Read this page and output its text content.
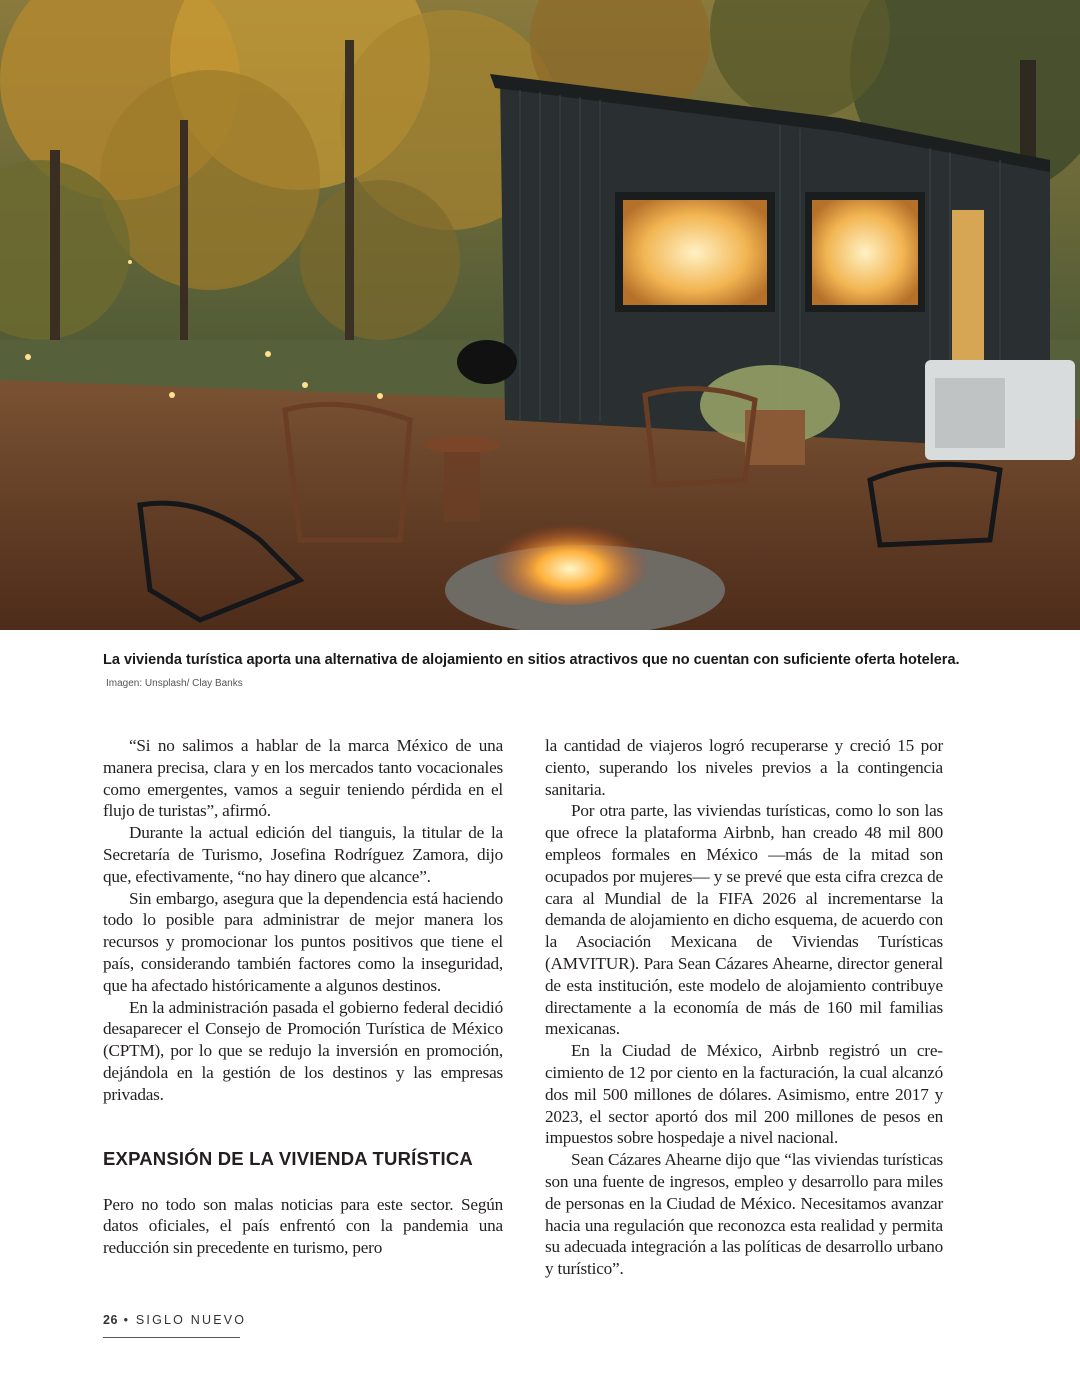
La vivienda turística aporta una alternativa de alojamiento en sitios atractivos que no cuentan con suficiente oferta hotelera. Imagen: Unsplash/ Clay Banks

“Si no salimos a hablar de la marca México de una manera precisa, clara y en los mercados tanto vocacionales como emergentes, vamos a seguir teniendo pérdida en el flujo de turistas”, afirmó.

Durante la actual edición del tianguis, la titular de la Secretaría de Turismo, Josefina Rodríguez Zamora, dijo que, efectivamente, “no hay dinero que alcance”.

Sin embargo, asegura que la dependencia está haciendo todo lo posible para administrar de mejor manera los recursos y promocionar los puntos positivos que tiene el país, considerando también factores como la inseguridad, que ha afectado históricamente a algunos destinos.

En la administración pasada el gobierno federal decidió desaparecer el Consejo de Promoción Turística de México (CPTM), por lo que se redujo la inversión en promoción, dejándola en la gestión de los destinos y las empresas privadas.

EXPANSIÓN DE LA VIVIENDA TURÍSTICA

Pero no todo son malas noticias para este sector. Según datos oficiales, el país enfrentó con la pandemia una reducción sin precedente en turismo, pero

la cantidad de viajeros logró recuperarse y creció 15 por ciento, superando los niveles previos a la contingencia sanitaria.

Por otra parte, las viviendas turísticas, como lo son las que ofrece la plataforma Airbnb, han creado 48 mil 800 empleos formales en México —más de la mitad son ocupados por mujeres— y se prevé que esta cifra crezca de cara al Mundial de la FIFA 2026 al incrementarse la demanda de alojamiento en dicho esquema, de acuerdo con la Asociación Mexicana de Viviendas Turísticas (AMVITUR). Para Sean Cázares Ahearne, director general de esta institución, este modelo de alojamiento contribuye directamente a la economía de más de 160 mil familias mexicanas.

En la Ciudad de México, Airbnb registró un crecimiento de 12 por ciento en la facturación, la cual alcanzó dos mil 500 millones de dólares. Asimismo, entre 2017 y 2023, el sector aportó dos mil 200 millones de pesos en impuestos sobre hospedaje a nivel nacional.

Sean Cázares Ahearne dijo que “las viviendas turísticas son una fuente de ingresos, empleo y desarrollo para miles de personas en la Ciudad de México. Necesitamos avanzar hacia una regulación que reconozca esta realidad y permita su adecuada integración a las políticas de desarrollo urbano y turístico”.

26 • SIGLO NUEVO
